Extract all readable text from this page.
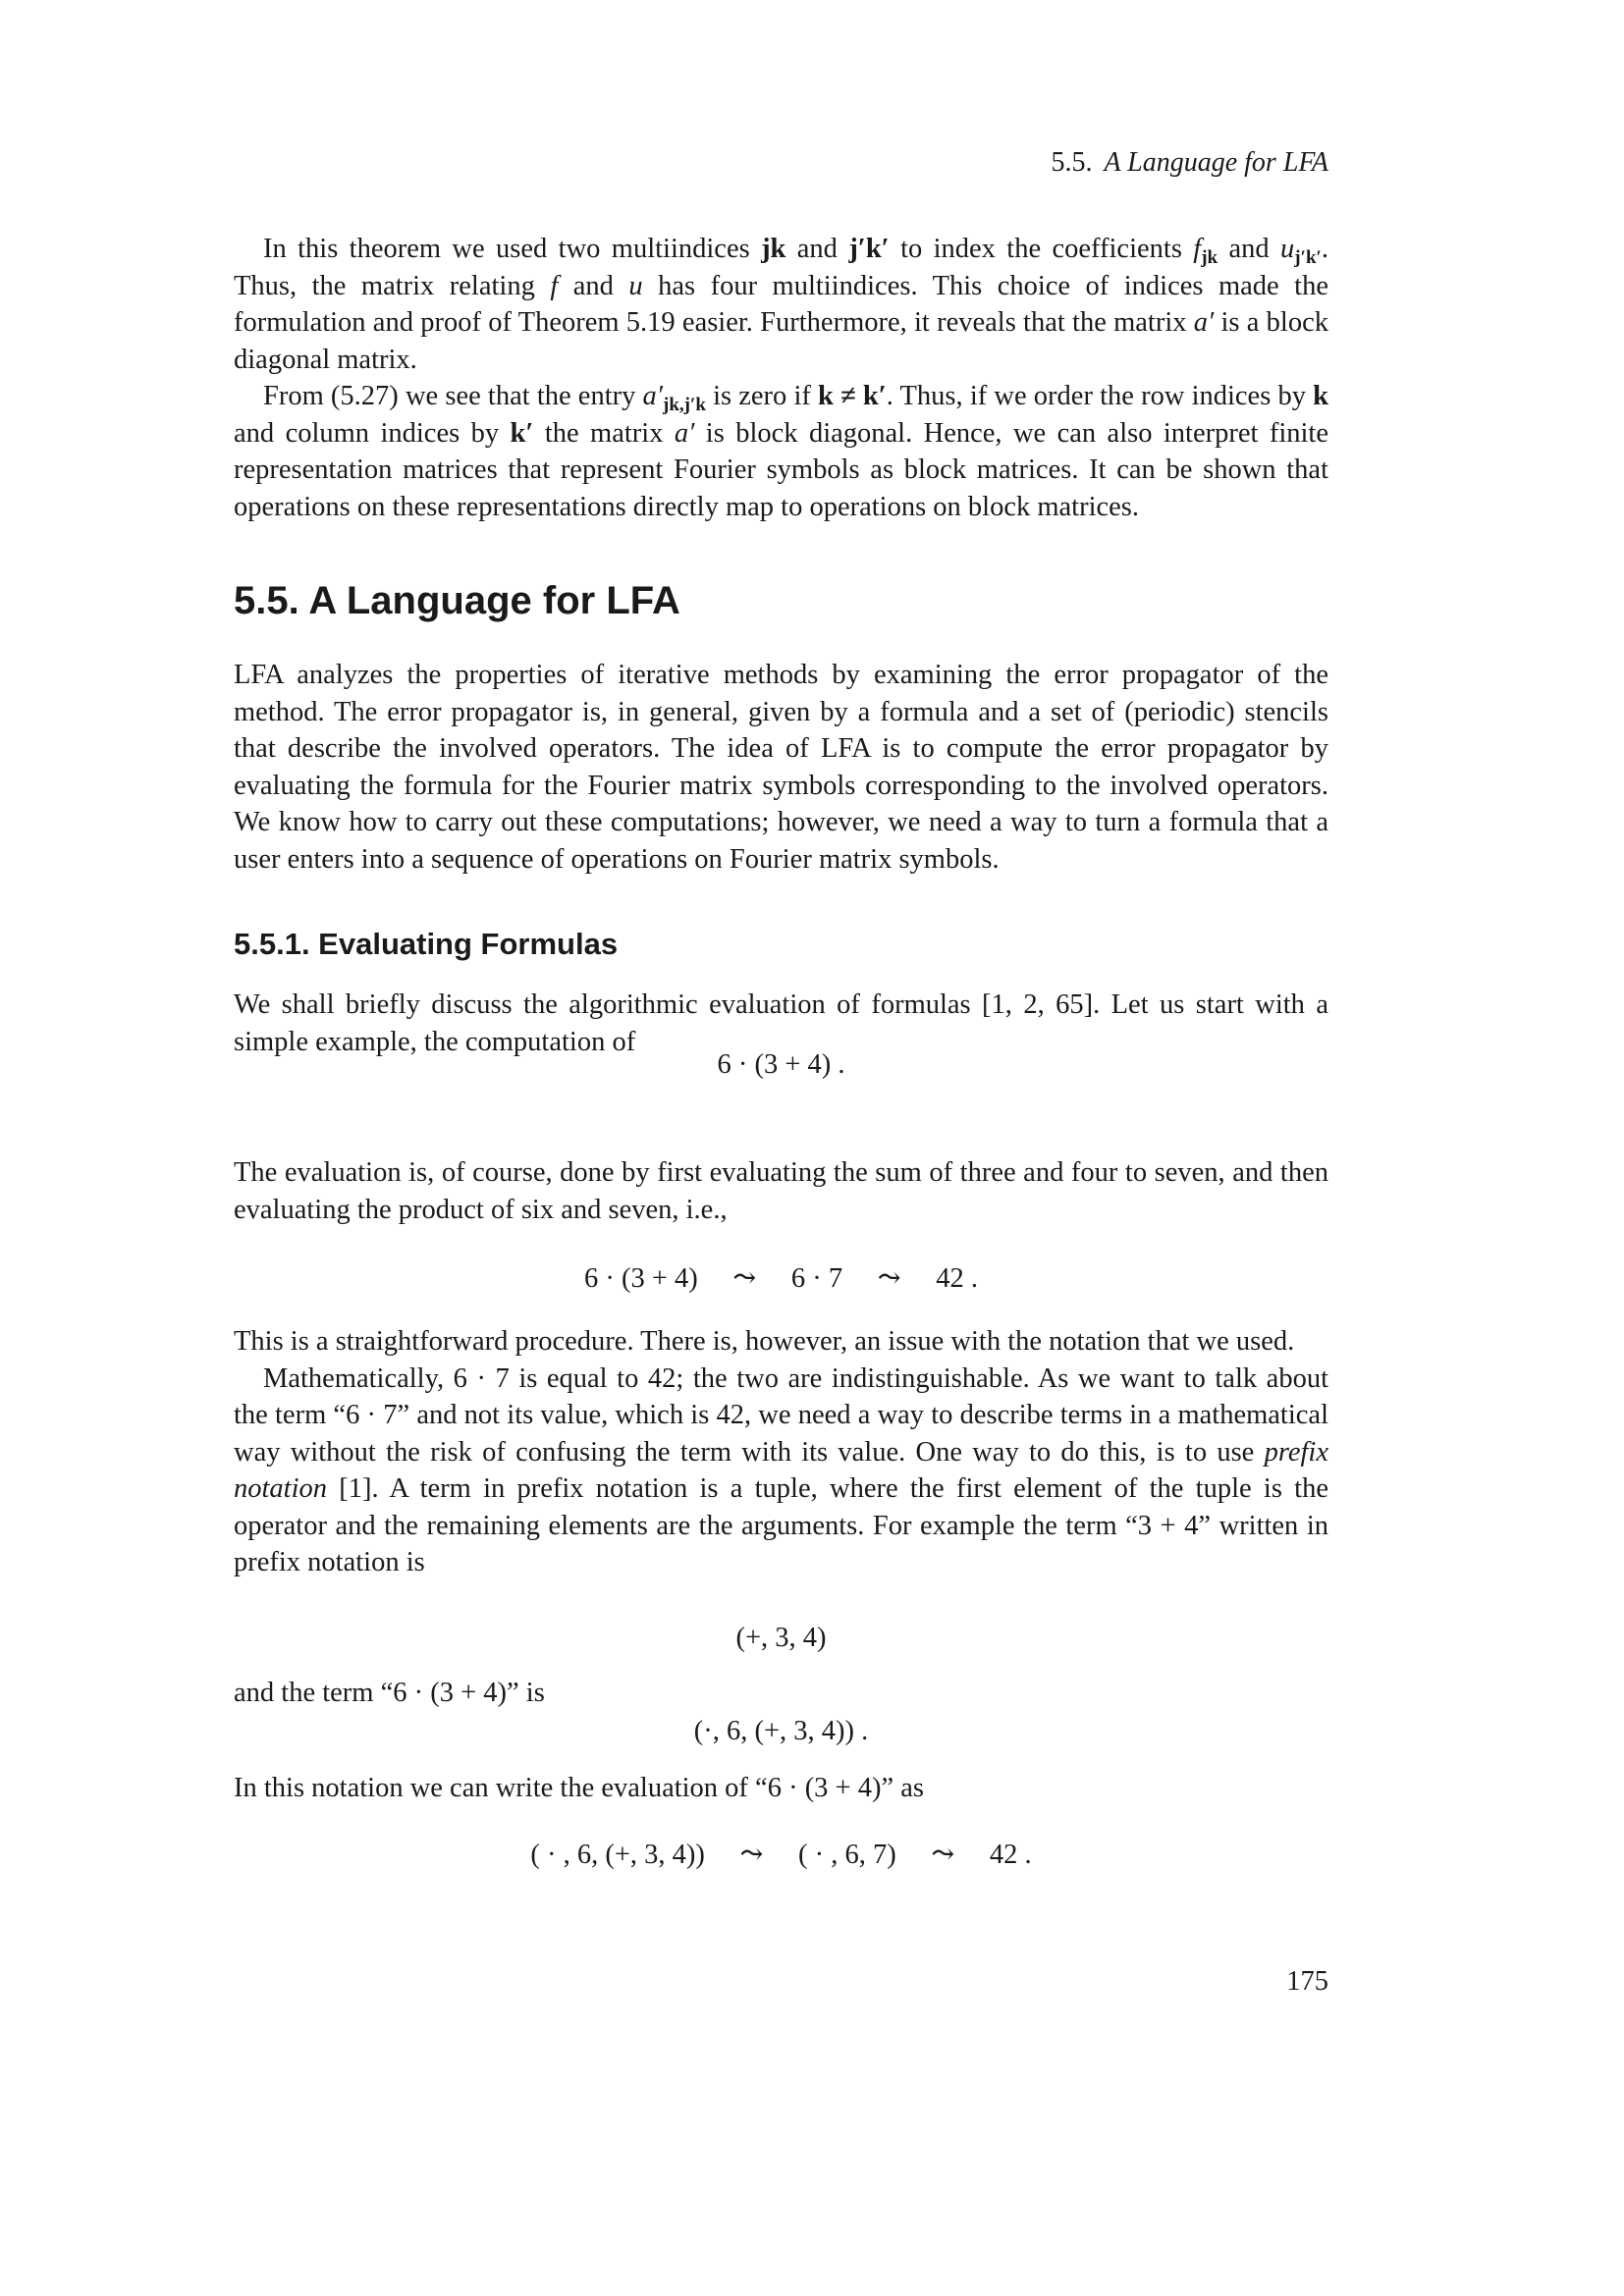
5.5. A Language for LFA

In this theorem we used two multiindices jk and j′k′ to index the coefficients $f_{jk}$ and $u_{j'k'}$. Thus, the matrix relating f and u has four multiindices. This choice of indices made the formulation and proof of Theorem 5.19 easier. Furthermore, it reveals that the matrix a′ is a block diagonal matrix.

From (5.27) we see that the entry $a'_{jk,j'k}$ is zero if k ≠ k′. Thus, if we order the row indices by k and column indices by k′ the matrix a′ is block diagonal. Hence, we can also interpret finite representation matrices that represent Fourier symbols as block matrices. It can be shown that operations on these representations directly map to operations on block matrices.

5.5. A Language for LFA

LFA analyzes the properties of iterative methods by examining the error propagator of the method. The error propagator is, in general, given by a formula and a set of (periodic) stencils that describe the involved operators. The idea of LFA is to compute the error propagator by evaluating the formula for the Fourier matrix symbols corresponding to the involved operators. We know how to carry out these computations; however, we need a way to turn a formula that a user enters into a sequence of operations on Fourier matrix symbols.

5.5.1. Evaluating Formulas

We shall briefly discuss the algorithmic evaluation of formulas [1, 2, 65]. Let us start with a simple example, the computation of

6 · (3 + 4) .

The evaluation is, of course, done by first evaluating the sum of three and four to seven, and then evaluating the product of six and seven, i.e.,

6 · (3 + 4)     ⤳     6 · 7     ⤳     42 .

This is a straightforward procedure. There is, however, an issue with the notation that we used.

Mathematically, 6 · 7 is equal to 42; the two are indistinguishable. As we want to talk about the term “6 · 7” and not its value, which is 42, we need a way to describe terms in a mathematical way without the risk of confusing the term with its value. One way to do this, is to use prefix notation [1]. A term in prefix notation is a tuple, where the first element of the tuple is the operator and the remaining elements are the arguments. For example the term “3 + 4” written in prefix notation is

(+, 3, 4)

and the term “6 · (3 + 4)” is

(·, 6, (+, 3, 4)) .

In this notation we can write the evaluation of “6 · (3 + 4)” as

( · , 6, (+, 3, 4))     ⤳     ( · , 6, 7)     ⤳     42 .
175
